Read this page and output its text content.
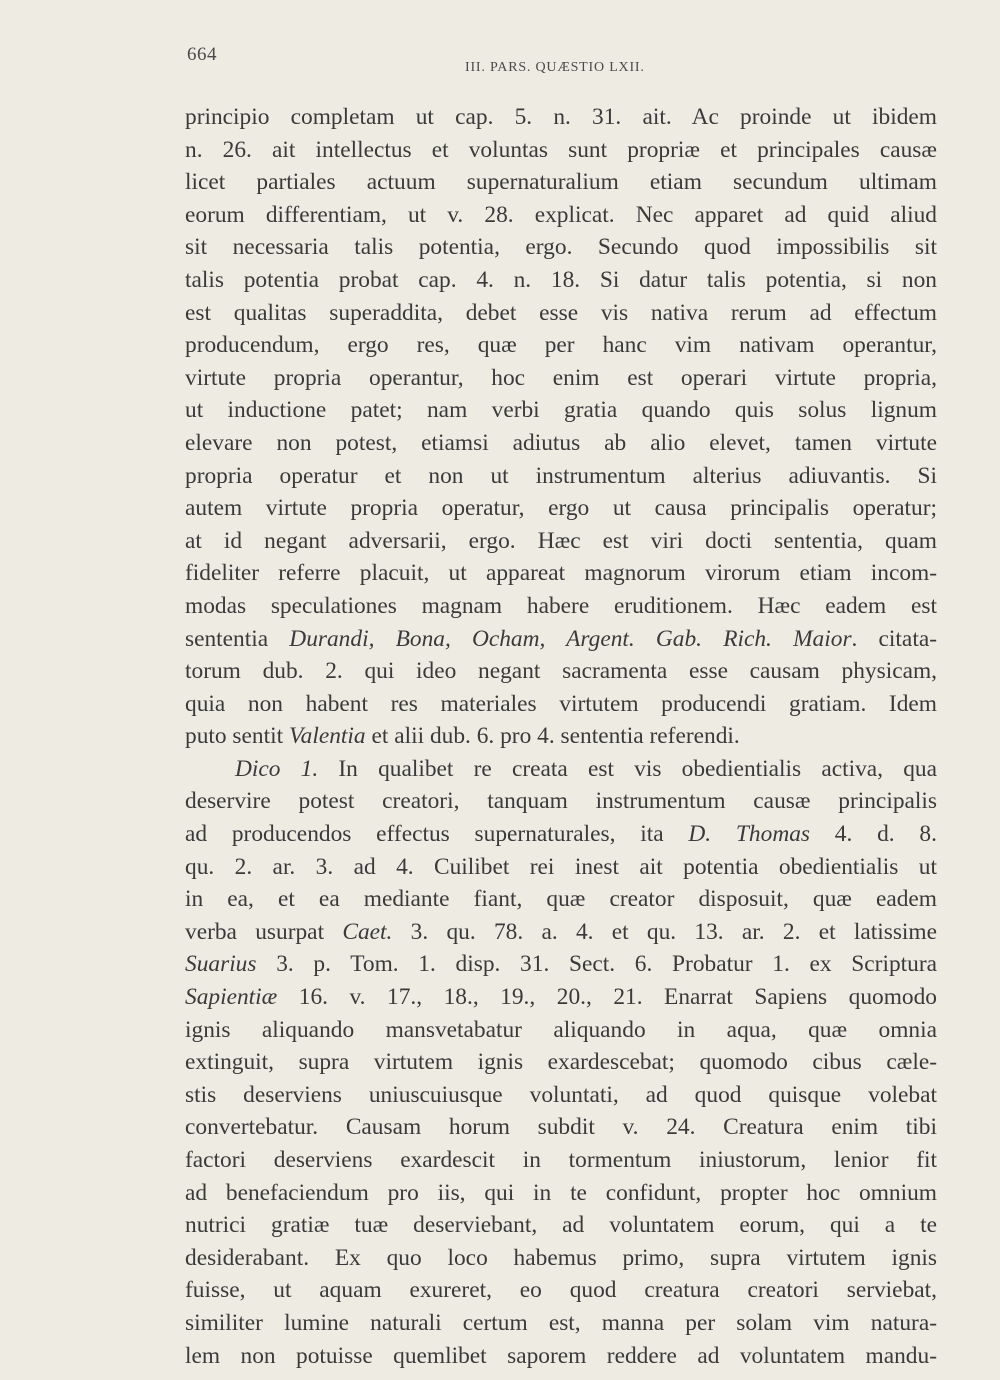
664
III. PARS. QUÆSTIO LXII.
principio completam ut cap. 5. n. 31. ait. Ac proinde ut ibidem
n. 26. ait intellectus et voluntas sunt propriæ et principales causæ
licet partiales actuum supernaturalium etiam secundum ultimam
eorum differentiam, ut v. 28. explicat. Nec apparet ad quid aliud
sit necessaria talis potentia, ergo. Secundo quod impossibilis sit
talis potentia probat cap. 4. n. 18. Si datur talis potentia, si non
est qualitas superaddita, debet esse vis nativa rerum ad effectum
producendum, ergo res, quæ per hanc vim nativam operantur,
virtute propria operantur, hoc enim est operari virtute propria,
ut inductione patet; nam verbi gratia quando quis solus lignum
elevare non potest, etiamsi adiutus ab alio elevet, tamen virtute
propria operatur et non ut instrumentum alterius adiuvantis. Si
autem virtute propria operatur, ergo ut causa principalis operatur;
at id negant adversarii, ergo. Hæc est viri docti sententia, quam
fideliter referre placuit, ut appareat magnorum virorum etiam incom-
modas speculationes magnam habere eruditionem. Hæc eadem est
sententia Durandi, Bona, Ocham, Argent. Gab. Rich. Maior. citata-
torum dub. 2. qui ideo negant sacramenta esse causam physicam,
quia non habent res materiales virtutem producendi gratiam. Idem
puto sentit Valentia et alii dub. 6. pro 4. sententia referendi.
Dico 1. In qualibet re creata est vis obedientialis activa, qua
deservire potest creatori, tanquam instrumentum causæ principalis
ad producendos effectus supernaturales, ita D. Thomas 4. d. 8.
qu. 2. ar. 3. ad 4. Cuilibet rei inest ait potentia obedientialis ut
in ea, et ea mediante fiant, quæ creator disposuit, quæ eadem
verba usurpat Caet. 3. qu. 78. a. 4. et qu. 13. ar. 2. et latissime
Suarius 3. p. Tom. 1. disp. 31. Sect. 6. Probatur 1. ex Scriptura
Sapientiæ 16. v. 17., 18., 19., 20., 21. Enarrat Sapiens quomodo
ignis aliquando mansvetabatur aliquando in aqua, quæ omnia
extinguit, supra virtutem ignis exardescebat; quomodo cibus cæle-
stis deserviens uniuscuiusque voluntati, ad quod quisque volebat
convertebatur. Causam horum subdit v. 24. Creatura enim tibi
factori deserviens exardescit in tormentum iniustorum, lenior fit
ad benefaciendum pro iis, qui in te confidunt, propter hoc omnium
nutrici gratiæ tuæ deserviebant, ad voluntatem eorum, qui a te
desiderabant. Ex quo loco habemus primo, supra virtutem ignis
fuisse, ut aquam exureret, eo quod creatura creatori serviebat,
similiter lumine naturali certum est, manna per solam vim natura-
lem non potuisse quemlibet saporem reddere ad voluntatem mandu-
